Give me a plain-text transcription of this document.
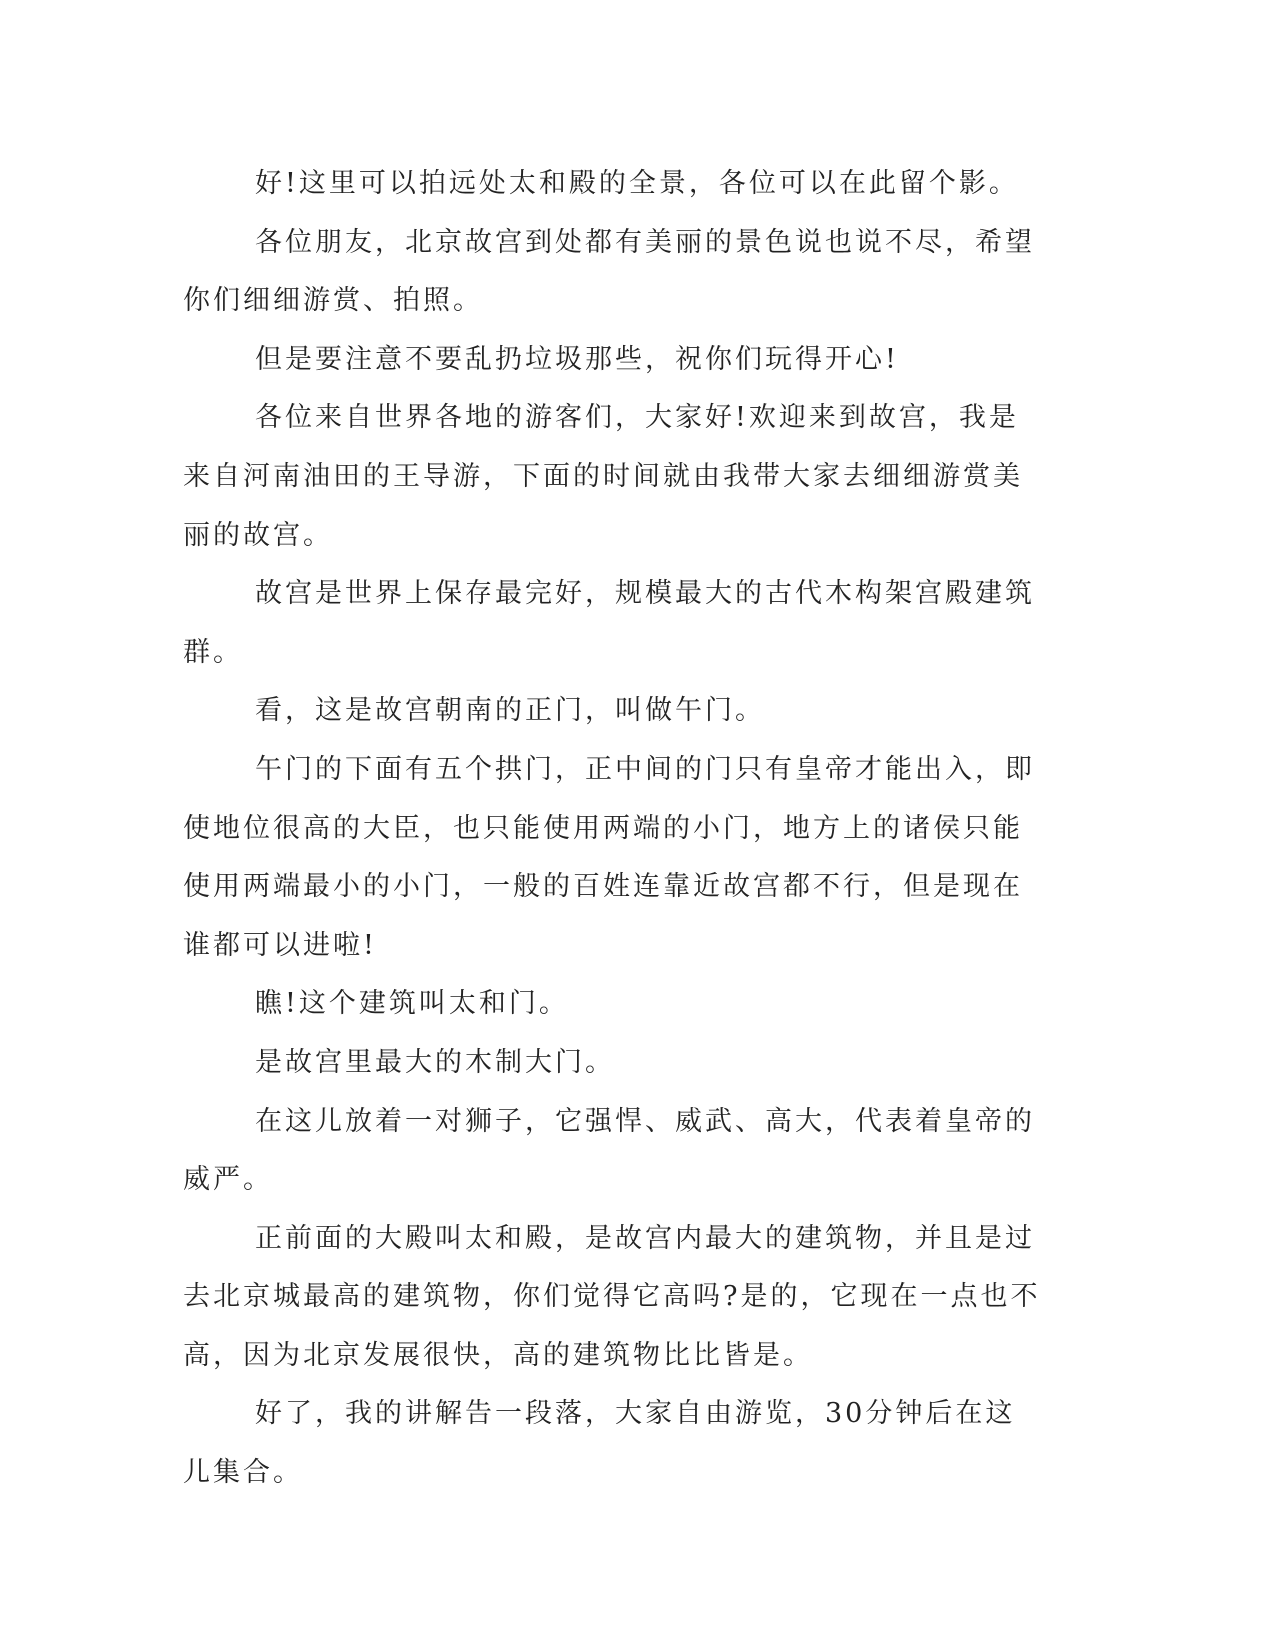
好!这里可以拍远处太和殿的全景，各位可以在此留个影。

各位朋友，北京故宫到处都有美丽的景色说也说不尽，希望你们细细游赏、拍照。

但是要注意不要乱扔垃圾那些，祝你们玩得开心!

各位来自世界各地的游客们，大家好!欢迎来到故宫，我是来自河南油田的王导游，下面的时间就由我带大家去细细游赏美丽的故宫。

故宫是世界上保存最完好，规模最大的古代木构架宫殿建筑群。

看，这是故宫朝南的正门，叫做午门。

午门的下面有五个拱门，正中间的门只有皇帝才能出入，即使地位很高的大臣，也只能使用两端的小门，地方上的诸侯只能使用两端最小的小门，一般的百姓连靠近故宫都不行，但是现在谁都可以进啦!

瞧!这个建筑叫太和门。

是故宫里最大的木制大门。

在这儿放着一对狮子，它强悍、威武、高大，代表着皇帝的威严。

正前面的大殿叫太和殿，是故宫内最大的建筑物，并且是过去北京城最高的建筑物，你们觉得它高吗?是的，它现在一点也不高，因为北京发展很快，高的建筑物比比皆是。

好了，我的讲解告一段落，大家自由游览，30分钟后在这儿集合。
